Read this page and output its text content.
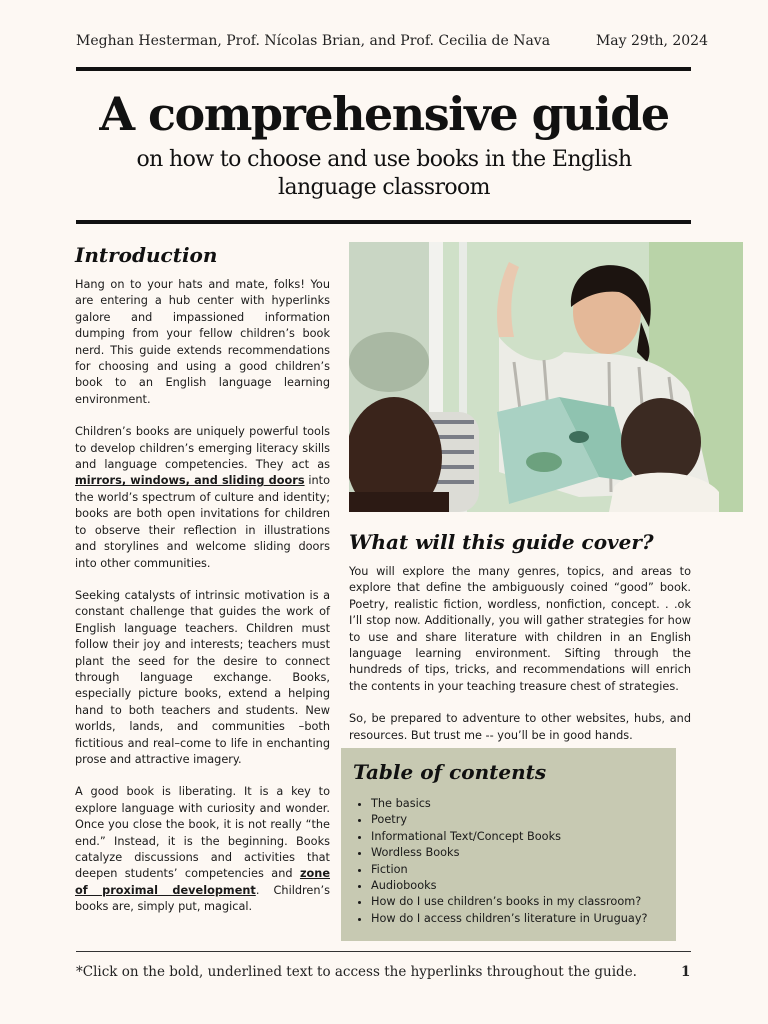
Meghan Hesterman, Prof. Nícolas Brian, and Prof. Cecilia de Nava	May 29th, 2024
A comprehensive guide
on how to choose and use books in the English
language classroom
Introduction

Hang on to your hats and mate, folks! You are entering a hub center with hyperlinks galore and impassioned information dumping from your fellow children’s book nerd. This guide extends recommendations for choosing and using a good children’s book to an English language learning environment.

Children’s books are uniquely powerful tools to develop children’s emerging literacy skills and language competencies. They act as mirrors, windows, and sliding doors into the world’s spectrum of culture and identity; books are both open invitations for children to observe their reflection in illustrations and storylines and welcome sliding doors into other communities.

Seeking catalysts of intrinsic motivation is a constant challenge that guides the work of English language teachers. Children must follow their joy and interests; teachers must plant the seed for the desire to connect through language exchange. Books, especially picture books, extend a helping hand to both teachers and students. New worlds, lands, and communities –both fictitious and real–come to life in enchanting prose and attractive imagery.

A good book is liberating. It is a key to explore language with curiosity and wonder. Once you close the book, it is not really “the end.” Instead, it is the beginning. Books catalyze discussions and activities that deepen students’ competencies and zone of proximal development. Children’s books are, simply put, magical.

What will this guide cover?

You will explore the many genres, topics, and areas to explore that define the ambiguously coined “good” book. Poetry, realistic fiction, wordless, nonfiction, concept. . .ok I’ll stop now. Additionally, you will gather strategies for how to use and share literature with children in an English language learning environment. Sifting through the hundreds of tips, tricks, and recommendations will enrich the contents in your teaching treasure chest of strategies.

So, be prepared to adventure to other websites, hubs, and resources. But trust me -- you’ll be in good hands.

Table of contents
• The basics
• Poetry
• Informational Text/Concept Books
• Wordless Books
• Fiction
• Audiobooks
• How do I use children’s books in my classroom?
• How do I access children’s literature in Uruguay?
*Click on the bold, underlined text to access the hyperlinks throughout the guide.	1
